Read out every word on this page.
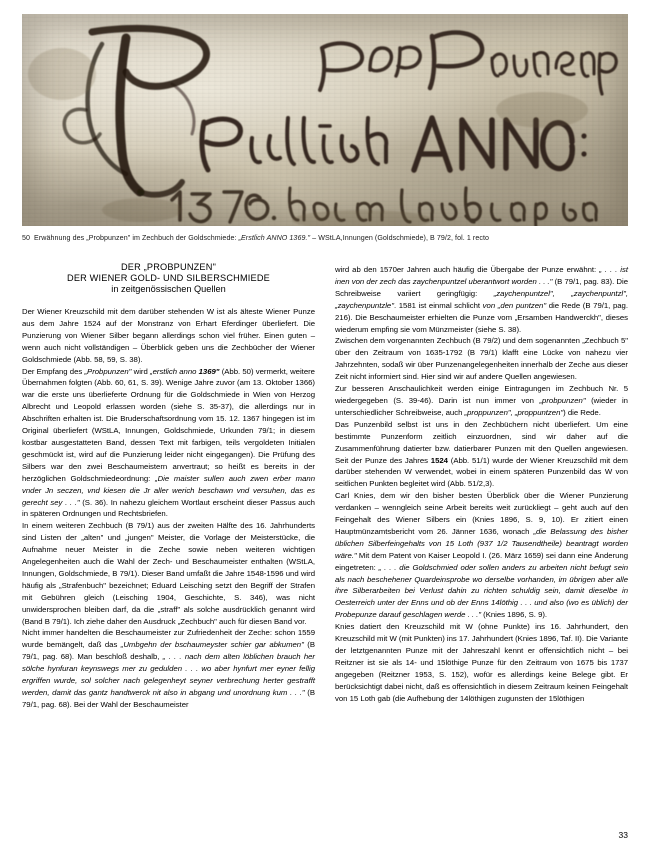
50 Erwähnung des „Probpunzen" im Zechbuch der Goldschmiede: „Erstlich ANNO 1369." – WStLA,Innungen (Goldschmiede), B 79/2, fol. 1 recto
DER „PROBPUNZEN"
DER WIENER GOLD- UND SILBERSCHMIEDE
in zeitgenössischen Quellen

Der Wiener Kreuzschild mit dem darüber stehenden W ist als älteste Wiener Punze aus dem Jahre 1524 auf der Monstranz von Erhart Eferdinger überliefert. Die Punzierung von Wiener Silber begann allerdings schon viel früher. Einen guten – wenn auch nicht vollständigen – Überblick geben uns die Zechbücher der Wiener Goldschmiede (Abb. 58, 59, S. 38).

Der Empfang des „Probpunzen" wird „erstlich anno 1369" (Abb. 50) vermerkt, weitere Übernahmen folgten (Abb. 60, 61, S. 39). Wenige Jahre zuvor (am 13. Oktober 1366) war die erste uns überlieferte Ordnung für die Goldschmiede in Wien von Herzog Albrecht und Leopold erlassen worden (siehe S. 35-37), die allerdings nur in Abschriften erhalten ist. Die Bruderschaftsordnung vom 15. 12. 1367 hingegen ist im Original überliefert (WStLA, Innungen, Goldschmiede, Urkunden 79/1; in diesem kostbar ausgestatteten Band, dessen Text mit farbigen, teils vergoldeten Initialen geschmückt ist, wird auf die Punzierung leider nicht eingegangen). Die Prüfung des Silbers war den zwei Beschaumeistern anvertraut; so heißt es bereits in der herzöglichen Goldschmiedeordnung: „Die maister sullen auch zwen erber mann vnder Jn seczen, vnd kiesen die Jr aller werich beschawn vnd versuhen, das es gerecht sey . . ." (S. 36). In nahezu gleichem Wortlaut erscheint dieser Passus auch in späteren Ordnungen und Rechtsbriefen.

In einem weiteren Zechbuch (B 79/1) aus der zweiten Hälfte des 16. Jahrhunderts sind Listen der „alten" und „jungen" Meister, die Vorlage der Meisterstücke, die Aufnahme neuer Meister in die Zeche sowie neben weiteren wichtigen Angelegenheiten auch die Wahl der Zech- und Beschaumeister enthalten (WStLA, Innungen, Goldschmiede, B 79/1). Dieser Band umfaßt die Jahre 1548-1596 und wird häufig als „Strafenbuch" bezeichnet; Eduard Leisching setzt den Begriff der Strafen mit Gebühren gleich (Leisching 1904, Geschichte, S. 346), was nicht unwidersprochen bleiben darf, da die „straff" als solche ausdrücklich genannt wird (Band B 79/1). Ich ziehe daher den Ausdruck „Zechbuch" auch für diesen Band vor.

Nicht immer handelten die Beschaumeister zur Zufriedenheit der Zeche: schon 1559 wurde bemängelt, daß das „Umbgehn der bschaumeyster schier gar abkumen" (B 79/1, pag. 68). Man beschloß deshalb, „ . . . nach dem alten löblichen brauch her sölche hynfuran keynswegs mer zu gedulden . . . wo aber hynfurt mer eyner fellig ergriffen wurde, sol solcher nach gelegenheyt seyner verbrechung herter gestrafft werden, damit das gantz handtwerck nit also in abgang und unordnung kum . . ." (B 79/1, pag. 68). Bei der Wahl der Beschaumeister

wird ab den 1570er Jahren auch häufig die Übergabe der Punze erwähnt: „ . . . ist inen von der zech das zaychenpuntzel uberantwort worden . . ." (B 79/1, pag. 83). Die Schreibweise variiert geringfügig: „zaychenpuntzel", „zaychenpuntzl", „zaychenpuntzle". 1581 ist einmal schlicht von „den puntzen" die Rede (B 79/1, pag. 216). Die Beschaumeister erhielten die Punze vom „Ersamben Handwerckh", dieses wiederum empfing sie vom Münzmeister (siehe S. 38).

Zwischen dem vorgenannten Zechbuch (B 79/2) und dem sogenannten „Zechbuch 5" über den Zeitraum von 1635-1792 (B 79/1) klafft eine Lücke von nahezu vier Jahrzehnten, sodaß wir über Punzenangelegenheiten innerhalb der Zeche aus dieser Zeit nicht informiert sind. Hier sind wir auf andere Quellen angewiesen.

Zur besseren Anschaulichkeit werden einige Eintragungen im Zechbuch Nr. 5 wiedergegeben (S. 39-46). Darin ist nun immer von „probpunzen" (wieder in unterschiedlicher Schreibweise, auch „proppunzen", „proppuntzen") die Rede.

Das Punzenbild selbst ist uns in den Zechbüchern nicht überliefert. Um eine bestimmte Punzenform zeitlich einzuordnen, sind wir daher auf die Zusammenführung datierter bzw. datierbarer Punzen mit den Quellen angewiesen. Seit der Punze des Jahres 1524 (Abb. 51/1) wurde der Wiener Kreuzschild mit dem darüber stehenden W verwendet, wobei in einem späteren Punzenbild das W von seitlichen Punkten begleitet wird (Abb. 51/2,3).

Carl Knies, dem wir den bisher besten Überblick über die Wiener Punzierung verdanken – wenngleich seine Arbeit bereits weit zurückliegt – geht auch auf den Feingehalt des Wiener Silbers ein (Knies 1896, S. 9, 10). Er zitiert einen Hauptmünzamtsbericht vom 26. Jänner 1636, wonach „die Belassung des bisher üblichen Silberfeingehalts von 15 Loth (937 1/2 Tausendtheile) beantragt worden wäre." Mit dem Patent von Kaiser Leopold I. (26. März 1659) sei dann eine Änderung eingetreten: „ . . . die Goldschmied oder sollen anders zu arbeiten nicht befugt sein als nach beschehener Quardeinsprobe wo derselbe vorhanden, im übrigen aber alle ihre Silberarbeiten bei Verlust dahin zu richten schuldig sein, damit dieselbe in Oesterreich unter der Enns und ob der Enns 14löthig . . . und also (wo es üblich) der Probepunze darauf geschlagen werde . . ." (Knies 1896, S. 9).

Knies datiert den Kreuzschild mit W (ohne Punkte) ins 16. Jahrhundert, den Kreuzschild mit W (mit Punkten) ins 17. Jahrhundert (Knies 1896, Taf. II). Die Variante der letztgenannten Punze mit der Jahreszahl kennt er offensichtlich nicht – bei Reitzner ist sie als 14- und 15löthige Punze für den Zeitraum von 1675 bis 1737 angegeben (Reitzner 1953, S. 152), wofür es allerdings keine Belege gibt. Er berücksichtigt dabei nicht, daß es offensichtlich in diesem Zeitraum keinen Feingehalt von 15 Loth gab (die Aufhebung der 14löthigen zugunsten der 15löthigen

33
